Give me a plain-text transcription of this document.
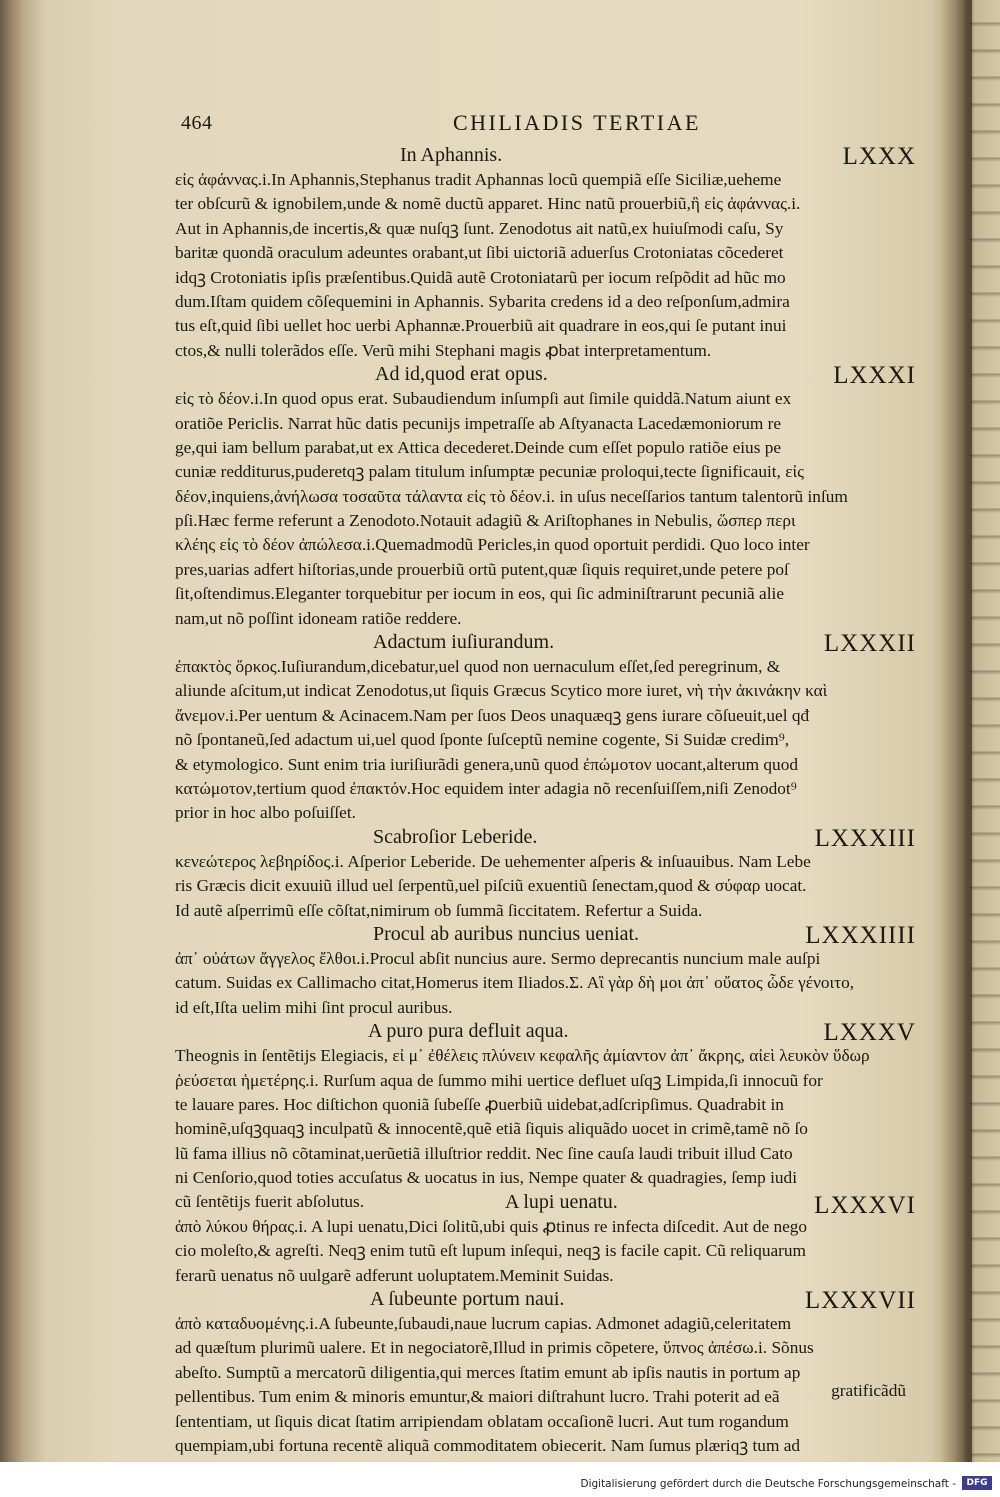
464	CHILIADIS TERTIAE
In Aphannis.	LXXX
εἰς ἀφάννας.i.In Aphannis,Stephanus tradit Aphannas locũ quempiã eſſe Siciliæ,ueheme
ter obſcurũ & ignobilem,unde & nomẽ ductũ apparet. Hinc natũ prouerbiũ,ἢ εἰς ἀφάννας.i.
Aut in Aphannis,de incertis,& quæ nuſqꝫ ſunt. Zenodotus ait natũ,ex huiuſmodi caſu, Sy
baritæ quondã oraculum adeuntes orabant,ut ſibi uictoriã aduerſus Crotoniatas cõcederet
idqꝫ Crotoniatis ipſis præſentibus.Quidã autẽ Crotoniatarũ per iocum reſpõdit ad hũc mo
dum.Iſtam quidem cõſequemini in Aphannis. Sybarita credens id a deo reſponſum,admira
tus eſt,quid ſibi uellet hoc uerbi Aphannæ.Prouerbiũ ait quadrare in eos,qui ſe putant inui
ctos,& nulli tolerãdos eſſe. Verũ mihi Stephani magis ꝓbat interpretamentum.
Ad id,quod erat opus.	LXXXI
εἰς τὸ δέον.i.In quod opus erat. Subaudiendum inſumpſi aut ſimile quiddã.Natum aiunt ex
oratiõe Periclis. Narrat hũc datis pecunijs impetraſſe ab Aſtyanacta Lacedæmoniorum re
ge,qui iam bellum parabat,ut ex Attica decederet.Deinde cum eſſet populo ratiõe eius pe
cuniæ redditurus,puderetqꝫ palam titulum inſumptæ pecuniæ proloqui,tecte ſignificauit, εἰς
δέον,inquiens,ἀνήλωσα τοσαῦτα τάλαντα εἰς τὸ δέον.i. in uſus neceſſarios tantum talentorũ inſum
pſi.Hæc ferme referunt a Zenodoto.Notauit adagiũ & Ariſtophanes in Nebulis, ὥσπερ περι
κλέης εἰς τὸ δέον ἀπώλεσα.i.Quemadmodũ Pericles,in quod oportuit perdidi. Quo loco inter
pres,uarias adfert hiſtorias,unde prouerbiũ ortũ putent,quæ ſiquis requiret,unde petere poſ
ſit,oſtendimus.Eleganter torquebitur per iocum in eos, qui ſic adminiſtrarunt pecuniã alie
nam,ut nõ poſſint idoneam ratiõe reddere.
Adactum iuſiurandum.	LXXXII
ἐπακτὸς ὅρκος.Iuſiurandum,dicebatur,uel quod non uernaculum eſſet,ſed peregrinum, &
aliunde aſcitum,ut indicat Zenodotus,ut ſiquis Græcus Scytico more iuret, νὴ τὴν ἀκινάκην καὶ
ἄνεμον.i.Per uentum & Acinacem.Nam per ſuos Deos unaquæqꝫ gens iurare cõſueuit,uel qđ
nõ ſpontaneũ,ſed adactum ui,uel quod ſponte ſuſceptũ nemine cogente, Si Suidæ credim⁹,
& etymologico. Sunt enim tria iuriſiurãdi genera,unũ quod ἐπώμοτον uocant,alterum quod
κατώμοτον,tertium quod ἐπακτόν.Hoc equidem inter adagia nõ recenſuiſſem,niſi Zenodot⁹
prior in hoc albo poſuiſſet.
Scabroſior Leberide.	LXXXIII
κενεώτερος λεβηρίδος.i. Aſperior Leberide. De uehementer aſperis & inſuauibus. Nam Lebe
ris Græcis dicit exuuiũ illud uel ſerpentũ,uel piſciũ exuentiũ ſenectam,quod & σύφαρ uocat.
Id autẽ aſperrimũ eſſe cõſtat,nimirum ob ſummã ſiccitatem. Refertur a Suida.
Procul ab auribus nuncius ueniat.	LXXXIIII
ἀπ᾽ οὐάτων ἄγγελος ἔλθοι.i.Procul abſit nuncius aure. Sermo deprecantis nuncium male auſpi
catum. Suidas ex Callimacho citat,Homerus item Iliados.Σ. Αἲ γὰρ δὴ μοι ἀπ᾽ οὔατος ὧδε γένοιτο,
id eſt,Iſta uelim mihi ſint procul auribus.
A puro pura defluit aqua.	LXXXV
Theognis in ſentẽtijs Elegiacis, εἰ μ᾽ ἐθέλεις πλύνειν κεφαλῆς ἀμίαντον ἀπ᾽ ἄκρης, αἰεὶ λευκὸν ὕδωρ
ῥεύσεται ἡμετέρης.i. Rurſum aqua de ſummo mihi uertice defluet uſqꝫ Limpida,ſi innocuũ for
te lauare pares. Hoc diſtichon quoniã ſubeſſe ꝓuerbiũ uidebat,adſcripſimus. Quadrabit in
hominẽ,uſqꝫquaqꝫ inculpatũ & innocentẽ,quẽ etiã ſiquis aliquãdo uocet in crimẽ,tamẽ nõ ſo
lũ fama illius nõ cõtaminat,uerũetiã illuſtrior reddit. Nec ſine cauſa laudi tribuit illud Cato
ni Cenſorio,quod toties accuſatus & uocatus in ius, Nempe quater & quadragies, ſemp iudi
cũ ſentẽtijs fuerit abſolutus.	A lupi uenatu.	LXXXVI
ἀπὸ λύκου θήρας.i. A lupi uenatu,Dici ſolitũ,ubi quis ꝓtinus re infecta diſcedit. Aut de nego
cio moleſto,& agreſti. Neqꝫ enim tutũ eſt lupum inſequi, neqꝫ is facile capit. Cũ reliquarum
ferarũ uenatus nõ uulgarẽ adferunt uoluptatem.Meminit Suidas.
A ſubeunte portum naui.	LXXXVII
ἀπὸ καταδυομένης.i.A ſubeunte,ſubaudi,naue lucrum capias. Admonet adagiũ,celeritatem
ad quæſtum plurimũ ualere. Et in negociatorẽ,Illud in primis cõpetere, ὕπνος ἀπέσω.i. Sõnus
abeſto. Sumptũ a mercatorũ diligentia,qui merces ſtatim emunt ab ipſis nautis in portum ap
pellentibus. Tum enim & minoris emuntur,& maiori diſtrahunt lucro. Trahi poterit ad eã
ſententiam, ut ſiquis dicat ſtatim arripiendam oblatam occaſionẽ lucri. Aut tum rogandum
quempiam,ubi fortuna recentẽ aliquã commoditatem obiecerit. Nam ſumus plæriqꝫ tum ad
gratificãdũ
Digitalisierung gefördert durch die Deutsche Forschungsgemeinschaft -	DFG
